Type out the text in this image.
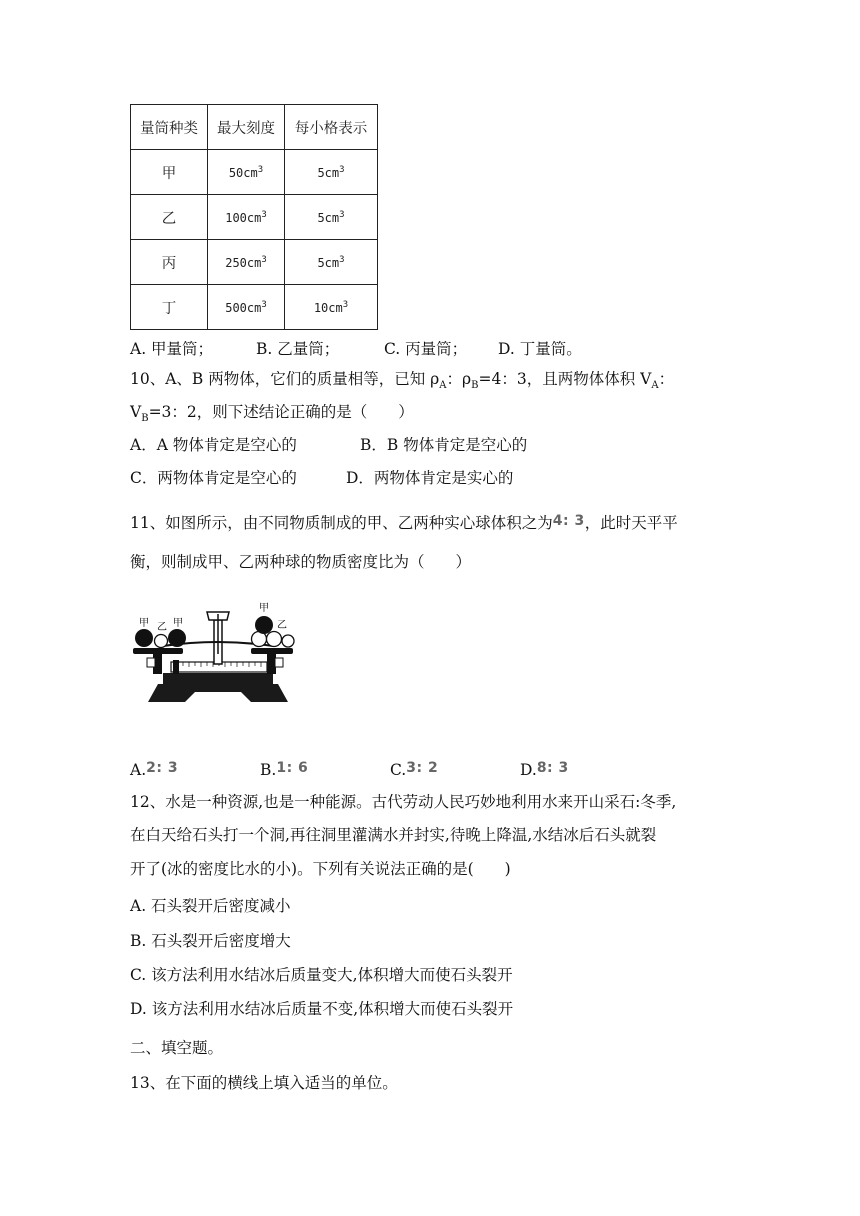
量筒种类	最大刻度	每小格表示
甲	$50cm^3$	$5cm^3$
乙	$100cm^3$	$5cm^3$
丙	$250cm^3$	$5cm^3$
丁	$500cm^3$	$10cm^3$
A. 甲量筒；	B. 乙量筒；	C. 丙量筒； D. 丁量筒。
10、A、B 两物体，它们的质量相等，已知 $\rho_A$：$\rho_B=4$：3，且两物体体积 $V_A$：
$V_B=3$：2，则下述结论正确的是（　　）
A．A 物体肯定是空心的	B．B 物体肯定是空心的
C．两物体肯定是空心的	D．两物体肯定是实心的
11、如图所示，由不同物质制成的甲、乙两种实心球体积之为4: 3，此时天平平
衡，则制成甲、乙两种球的物质密度比为（　　）
甲 乙 甲
甲
乙
A.2: 3	B.1: 6	C.3: 2	D.8: 3
12、水是一种资源,也是一种能源。古代劳动人民巧妙地利用水来开山采石:冬季,
在白天给石头打一个洞,再往洞里灌满水并封实,待晚上降温,水结冰后石头就裂
开了(冰的密度比水的小)。下列有关说法正确的是(　　)
A. 石头裂开后密度减小
B. 石头裂开后密度增大
C. 该方法利用水结冰后质量变大,体积增大而使石头裂开
D. 该方法利用水结冰后质量不变,体积增大而使石头裂开
二、填空题。
13、在下面的横线上填入适当的单位。
